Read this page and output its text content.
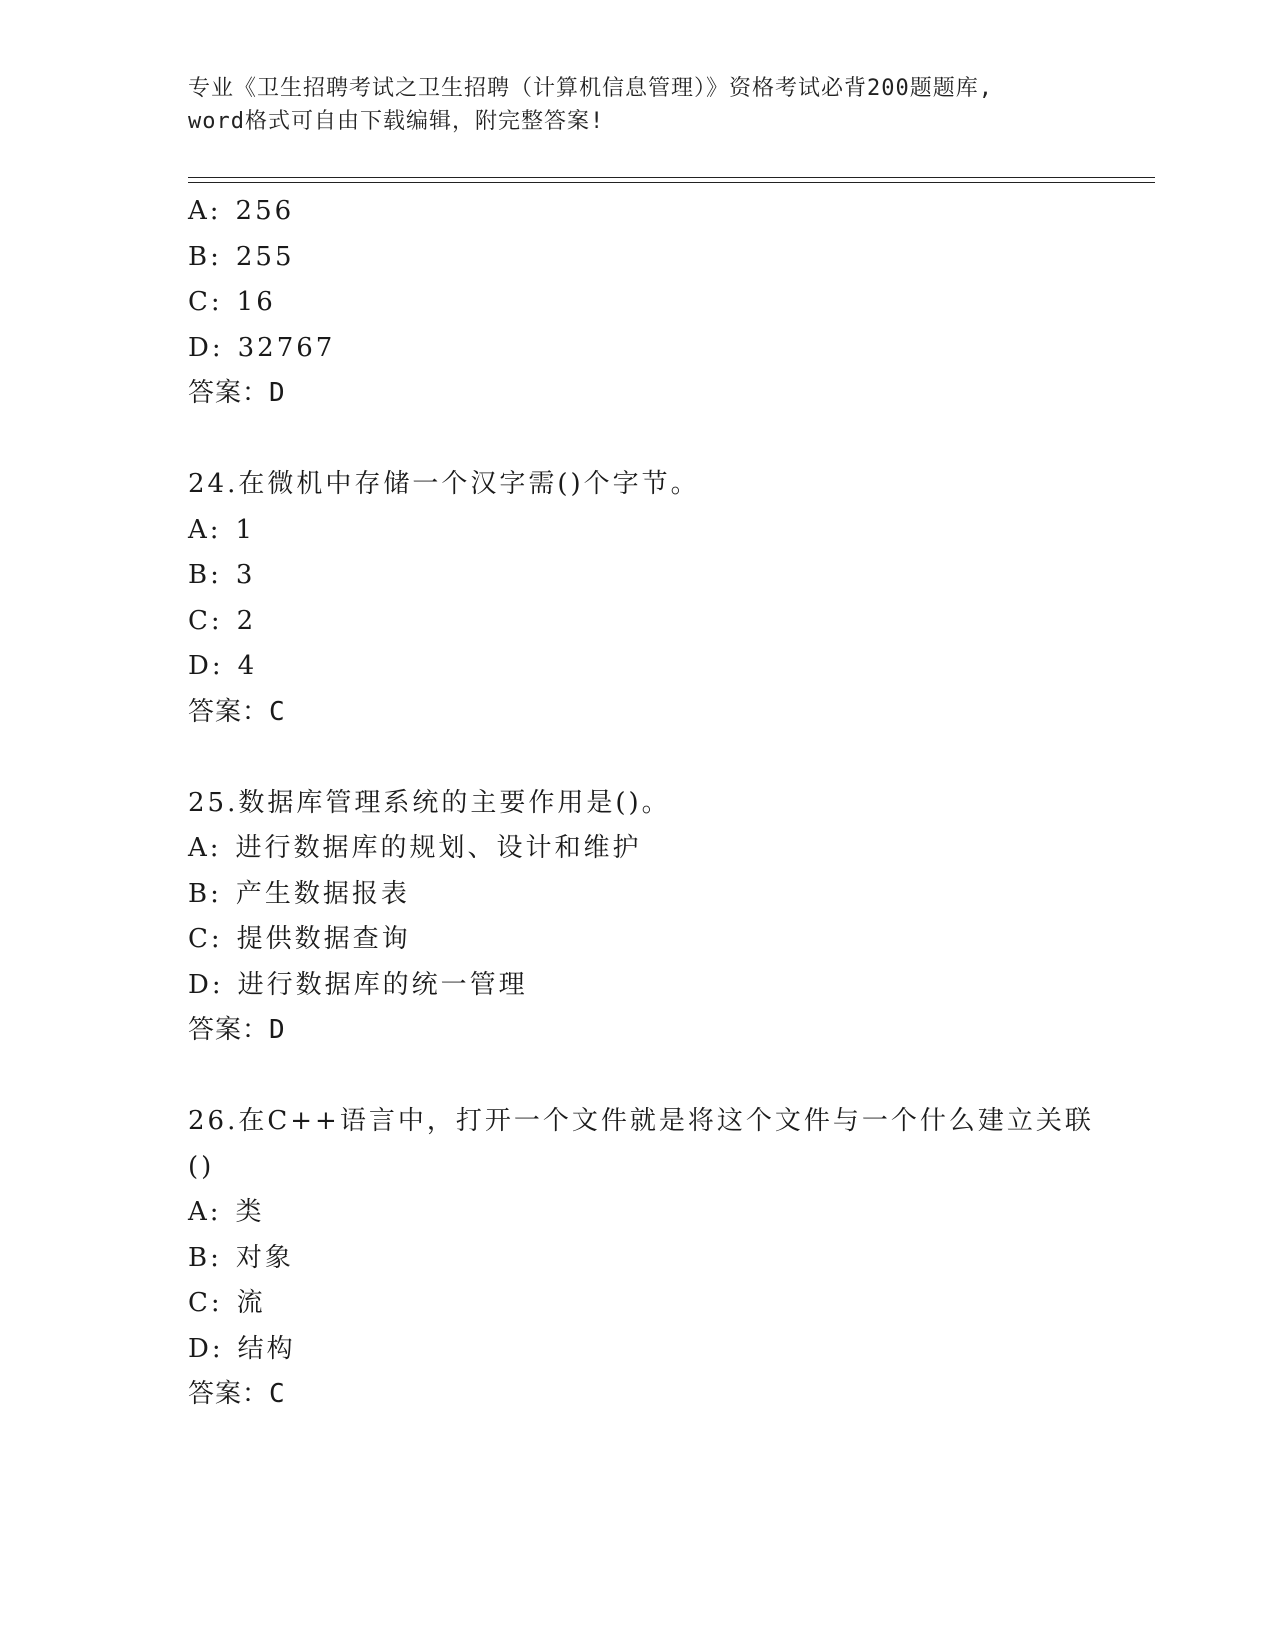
专业《卫生招聘考试之卫生招聘（计算机信息管理）》资格考试必背200题题库,
word格式可自由下载编辑，附完整答案!
A: 256
B: 255
C: 16
D: 32767
答案：D
24.在微机中存储一个汉字需()个字节。
A: 1
B: 3
C: 2
D: 4
答案：C
25.数据库管理系统的主要作用是()。
A: 进行数据库的规划、设计和维护
B: 产生数据报表
C: 提供数据查询
D: 进行数据库的统一管理
答案：D
26.在C++语言中，打开一个文件就是将这个文件与一个什么建立关联
()
A: 类
B: 对象
C: 流
D: 结构
答案：C
